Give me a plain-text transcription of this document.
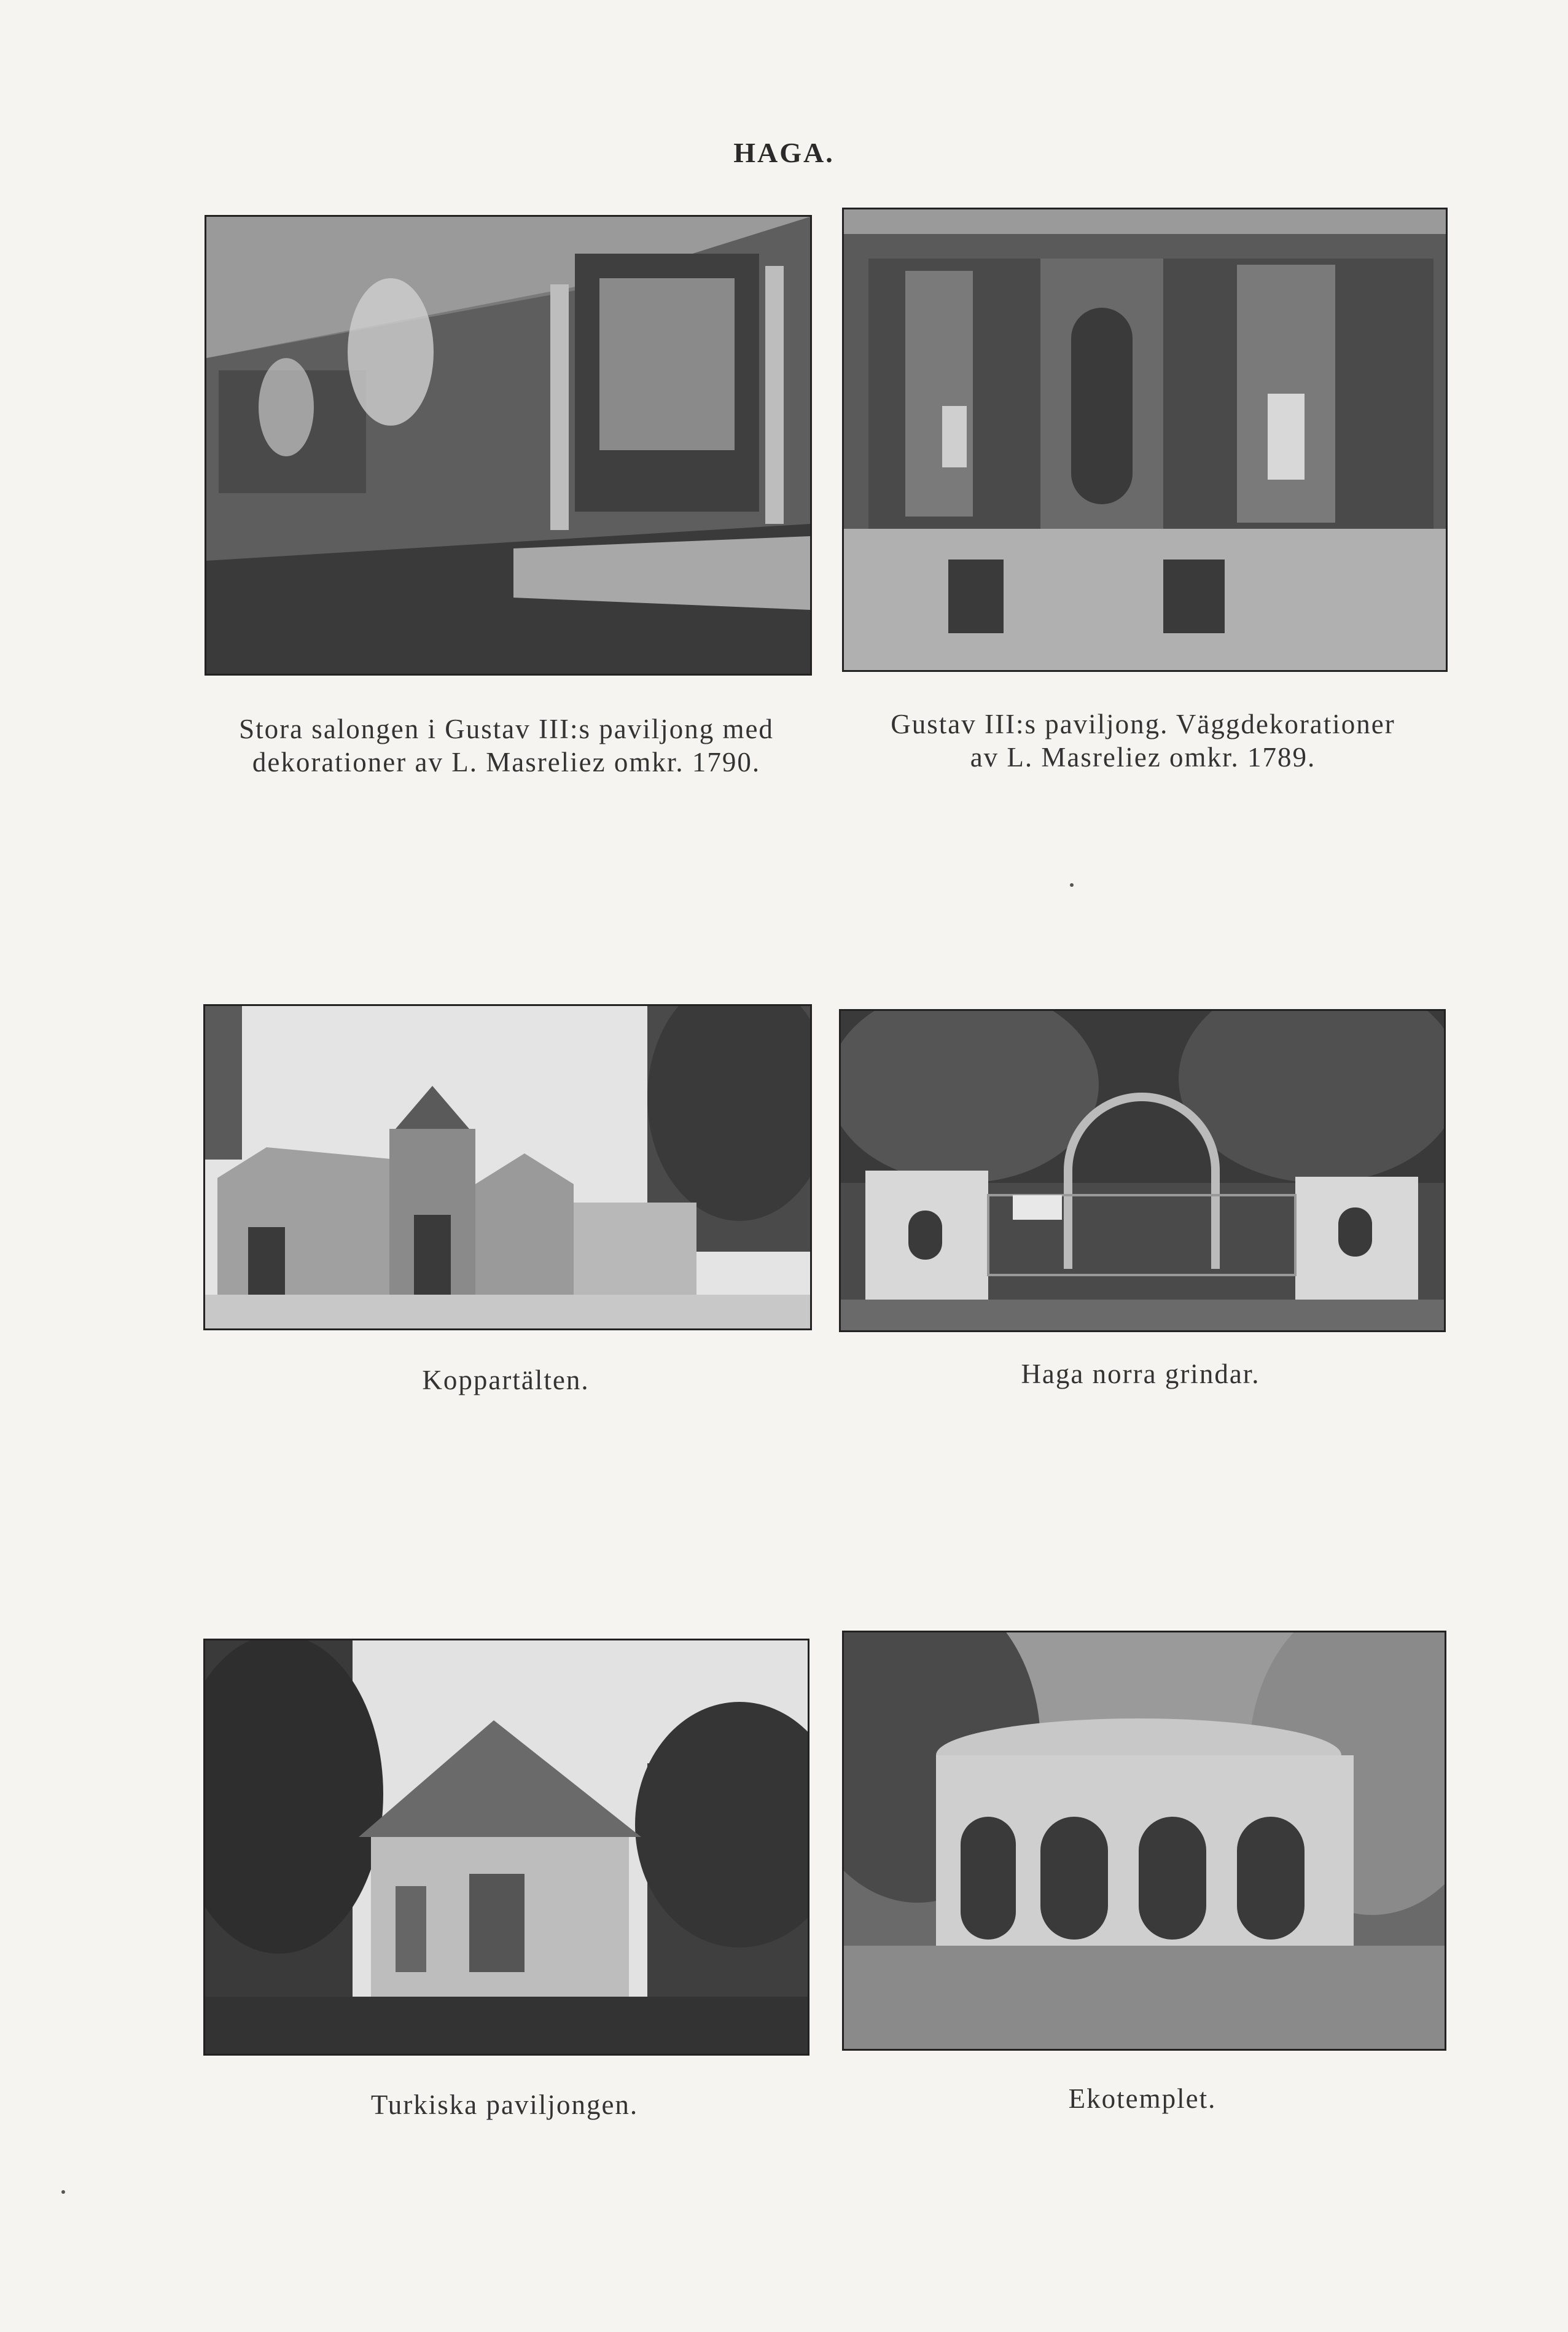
HAGA.
Stora salongen i Gustav III:s paviljong med
dekorationer av L. Masreliez omkr. 1790.
Gustav III:s paviljong. Väggdekorationer
av L. Masreliez omkr. 1789.
Koppartälten.	Haga norra grindar.
Turkiska paviljongen.	Ekotemplet.
